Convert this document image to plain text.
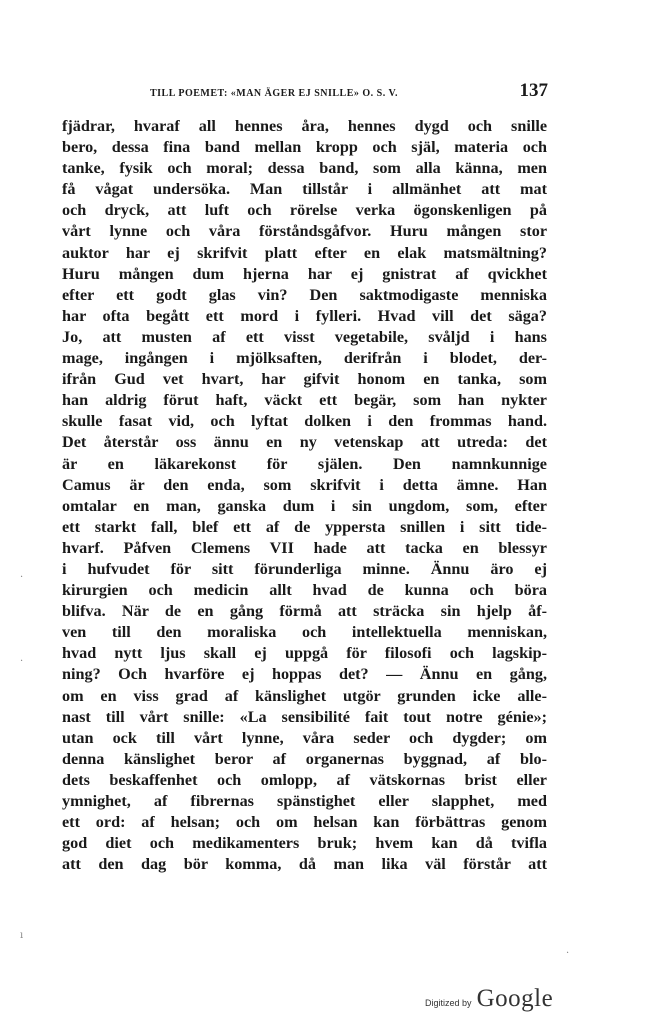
TILL POEMET: «MAN ÄGER EJ SNILLE» O. S. V.	137
fjädrar, hvaraf all hennes åra, hennes dygd och snille
bero, dessa fina band mellan kropp och själ, materia och
tanke, fysik och moral; dessa band, som alla känna, men
få vågat undersöka. Man tillstår i allmänhet att mat
och dryck, att luft och rörelse verka ögonskenligen på
vårt lynne och våra förståndsgåfvor. Huru mången stor
auktor har ej skrifvit platt efter en elak matsmältning?
Huru mången dum hjerna har ej gnistrat af qvickhet
efter ett godt glas vin? Den saktmodigaste menniska
har ofta begått ett mord i fylleri. Hvad vill det säga?
Jo, att musten af ett visst vegetabile, svåljd i hans
mage, ingången i mjölksaften, derifrån i blodet, der-
ifrån Gud vet hvart, har gifvit honom en tanka, som
han aldrig förut haft, väckt ett begär, som han nykter
skulle fasat vid, och lyftat dolken i den frommas hand.
Det återstår oss ännu en ny vetenskap att utreda: det
är en läkarekonst för själen. Den namnkunnige
Camus är den enda, som skrifvit i detta ämne. Han
omtalar en man, ganska dum i sin ungdom, som, efter
ett starkt fall, blef ett af de yppersta snillen i sitt tide-
hvarf. Påfven Clemens VII hade att tacka en blessyr
i hufvudet för sitt förunderliga minne. Ännu äro ej
kirurgien och medicin allt hvad de kunna och böra
blifva. När de en gång förmå att sträcka sin hjelp åf-
ven till den moraliska och intellektuella menniskan,
hvad nytt ljus skall ej uppgå för filosofi och lagskip-
ning? Och hvarföre ej hoppas det? — Ännu en gång,
om en viss grad af känslighet utgör grunden icke alle-
nast till vårt snille: «La sensibilité fait tout notre génie»;
utan ock till vårt lynne, våra seder och dygder; om
denna känslighet beror af organernas byggnad, af blo-
dets beskaffenhet och omlopp, af vätskornas brist eller
ymnighet, af fibrernas spänstighet eller slapphet, med
ett ord: af helsan; och om helsan kan förbättras genom
god diet och medikamenters bruk; hvem kan då tvifla
att den dag bör komma, då man lika väl förstår att
·
·
ı
·
Digitized by Google
